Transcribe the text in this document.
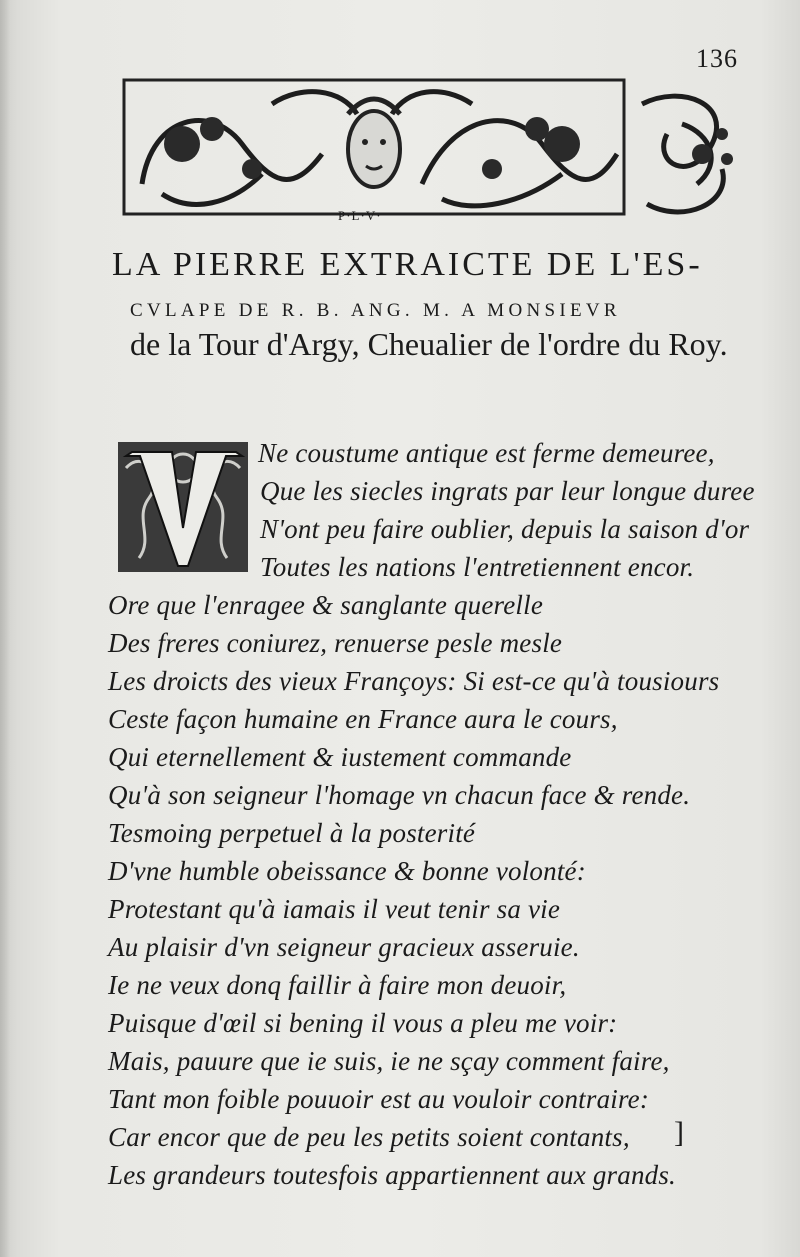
136
P·L·V·
LA PIERRE EXTRAICTE DE L'ES-
CVLAPE DE R. B. ANG. M. A MONSIEVR
de la Tour d'Argy, Cheualier de l'ordre du Roy.
Ne coustume antique est ferme demeuree,
Que les siecles ingrats par leur longue duree
N'ont peu faire oublier, depuis la saison d'or
Toutes les nations l'entretiennent encor.
Ore que l'enragee & sanglante querelle
Des freres coniurez, renuerse pesle mesle
Les droicts des vieux Françoys: Si est-ce qu'à tousiours
Ceste façon humaine en France aura le cours,
Qui eternellement & iustement commande
Qu'à son seigneur l'homage vn chacun face & rende.
Tesmoing perpetuel à la posterité
D'vne humble obeissance & bonne volonté:
Protestant qu'à iamais il veut tenir sa vie
Au plaisir d'vn seigneur gracieux asseruie.
Ie ne veux donq faillir à faire mon deuoir,
Puisque d'œil si bening il vous a pleu me voir:
Mais, pauure que ie suis, ie ne sçay comment faire,
Tant mon foible pouuoir est au vouloir contraire:
Car encor que de peu les petits soient contants,
Les grandeurs toutesfois appartiennent aux grands.
]
